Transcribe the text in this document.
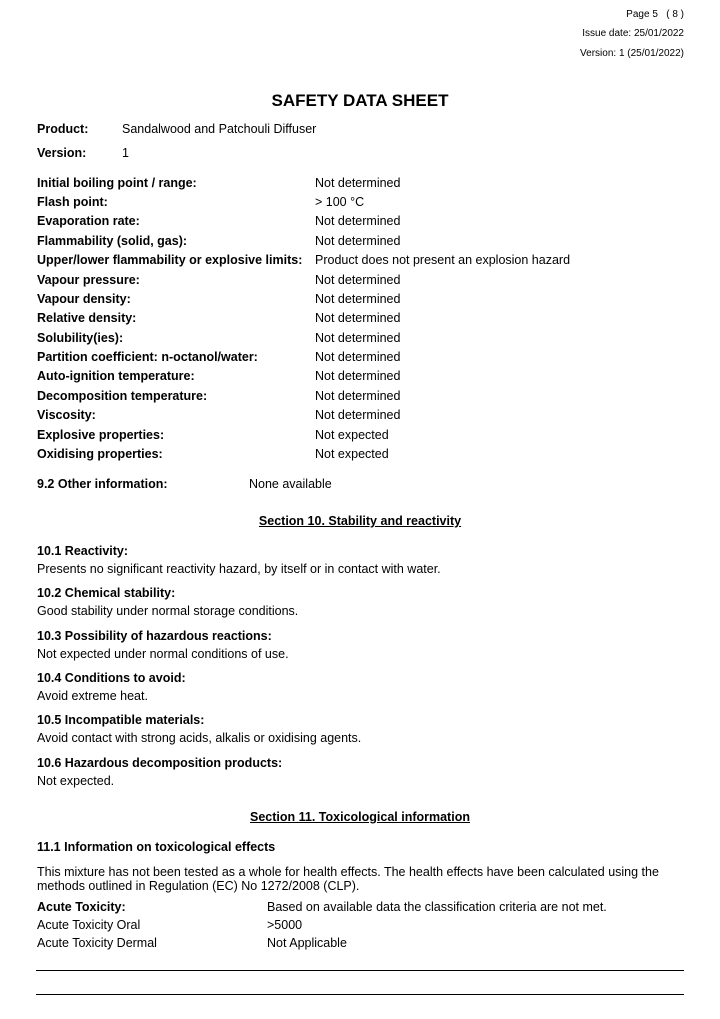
Page 5 ( 8 )
Issue date: 25/01/2022
Version: 1 (25/01/2022)
SAFETY DATA SHEET
Product:	Sandalwood and Patchouli Diffuser
Version:	1
Initial boiling point / range:	Not determined
Flash point:	> 100 °C
Evaporation rate:	Not determined
Flammability (solid, gas):	Not determined
Upper/lower flammability or explosive limits: Product does not present an explosion hazard
Vapour pressure:	Not determined
Vapour density:	Not determined
Relative density:	Not determined
Solubility(ies):	Not determined
Partition coefficient: n-octanol/water:	Not determined
Auto-ignition temperature:	Not determined
Decomposition temperature:	Not determined
Viscosity:	Not determined
Explosive properties:	Not expected
Oxidising properties:	Not expected
9.2 Other information:	None available
Section 10. Stability and reactivity
10.1 Reactivity:
Presents no significant reactivity hazard, by itself or in contact with water.
10.2 Chemical stability:
Good stability under normal storage conditions.
10.3 Possibility of hazardous reactions:
Not expected under normal conditions of use.
10.4 Conditions to avoid:
Avoid extreme heat.
10.5 Incompatible materials:
Avoid contact with strong acids, alkalis or oxidising agents.
10.6 Hazardous decomposition products:
Not expected.
Section 11. Toxicological information
11.1 Information on toxicological effects
This mixture has not been tested as a whole for health effects. The health effects have been calculated using the
methods outlined in Regulation (EC) No 1272/2008 (CLP).
Acute Toxicity:	Based on available data the classification criteria are not met.
Acute Toxicity Oral	>5000
Acute Toxicity Dermal	Not Applicable
